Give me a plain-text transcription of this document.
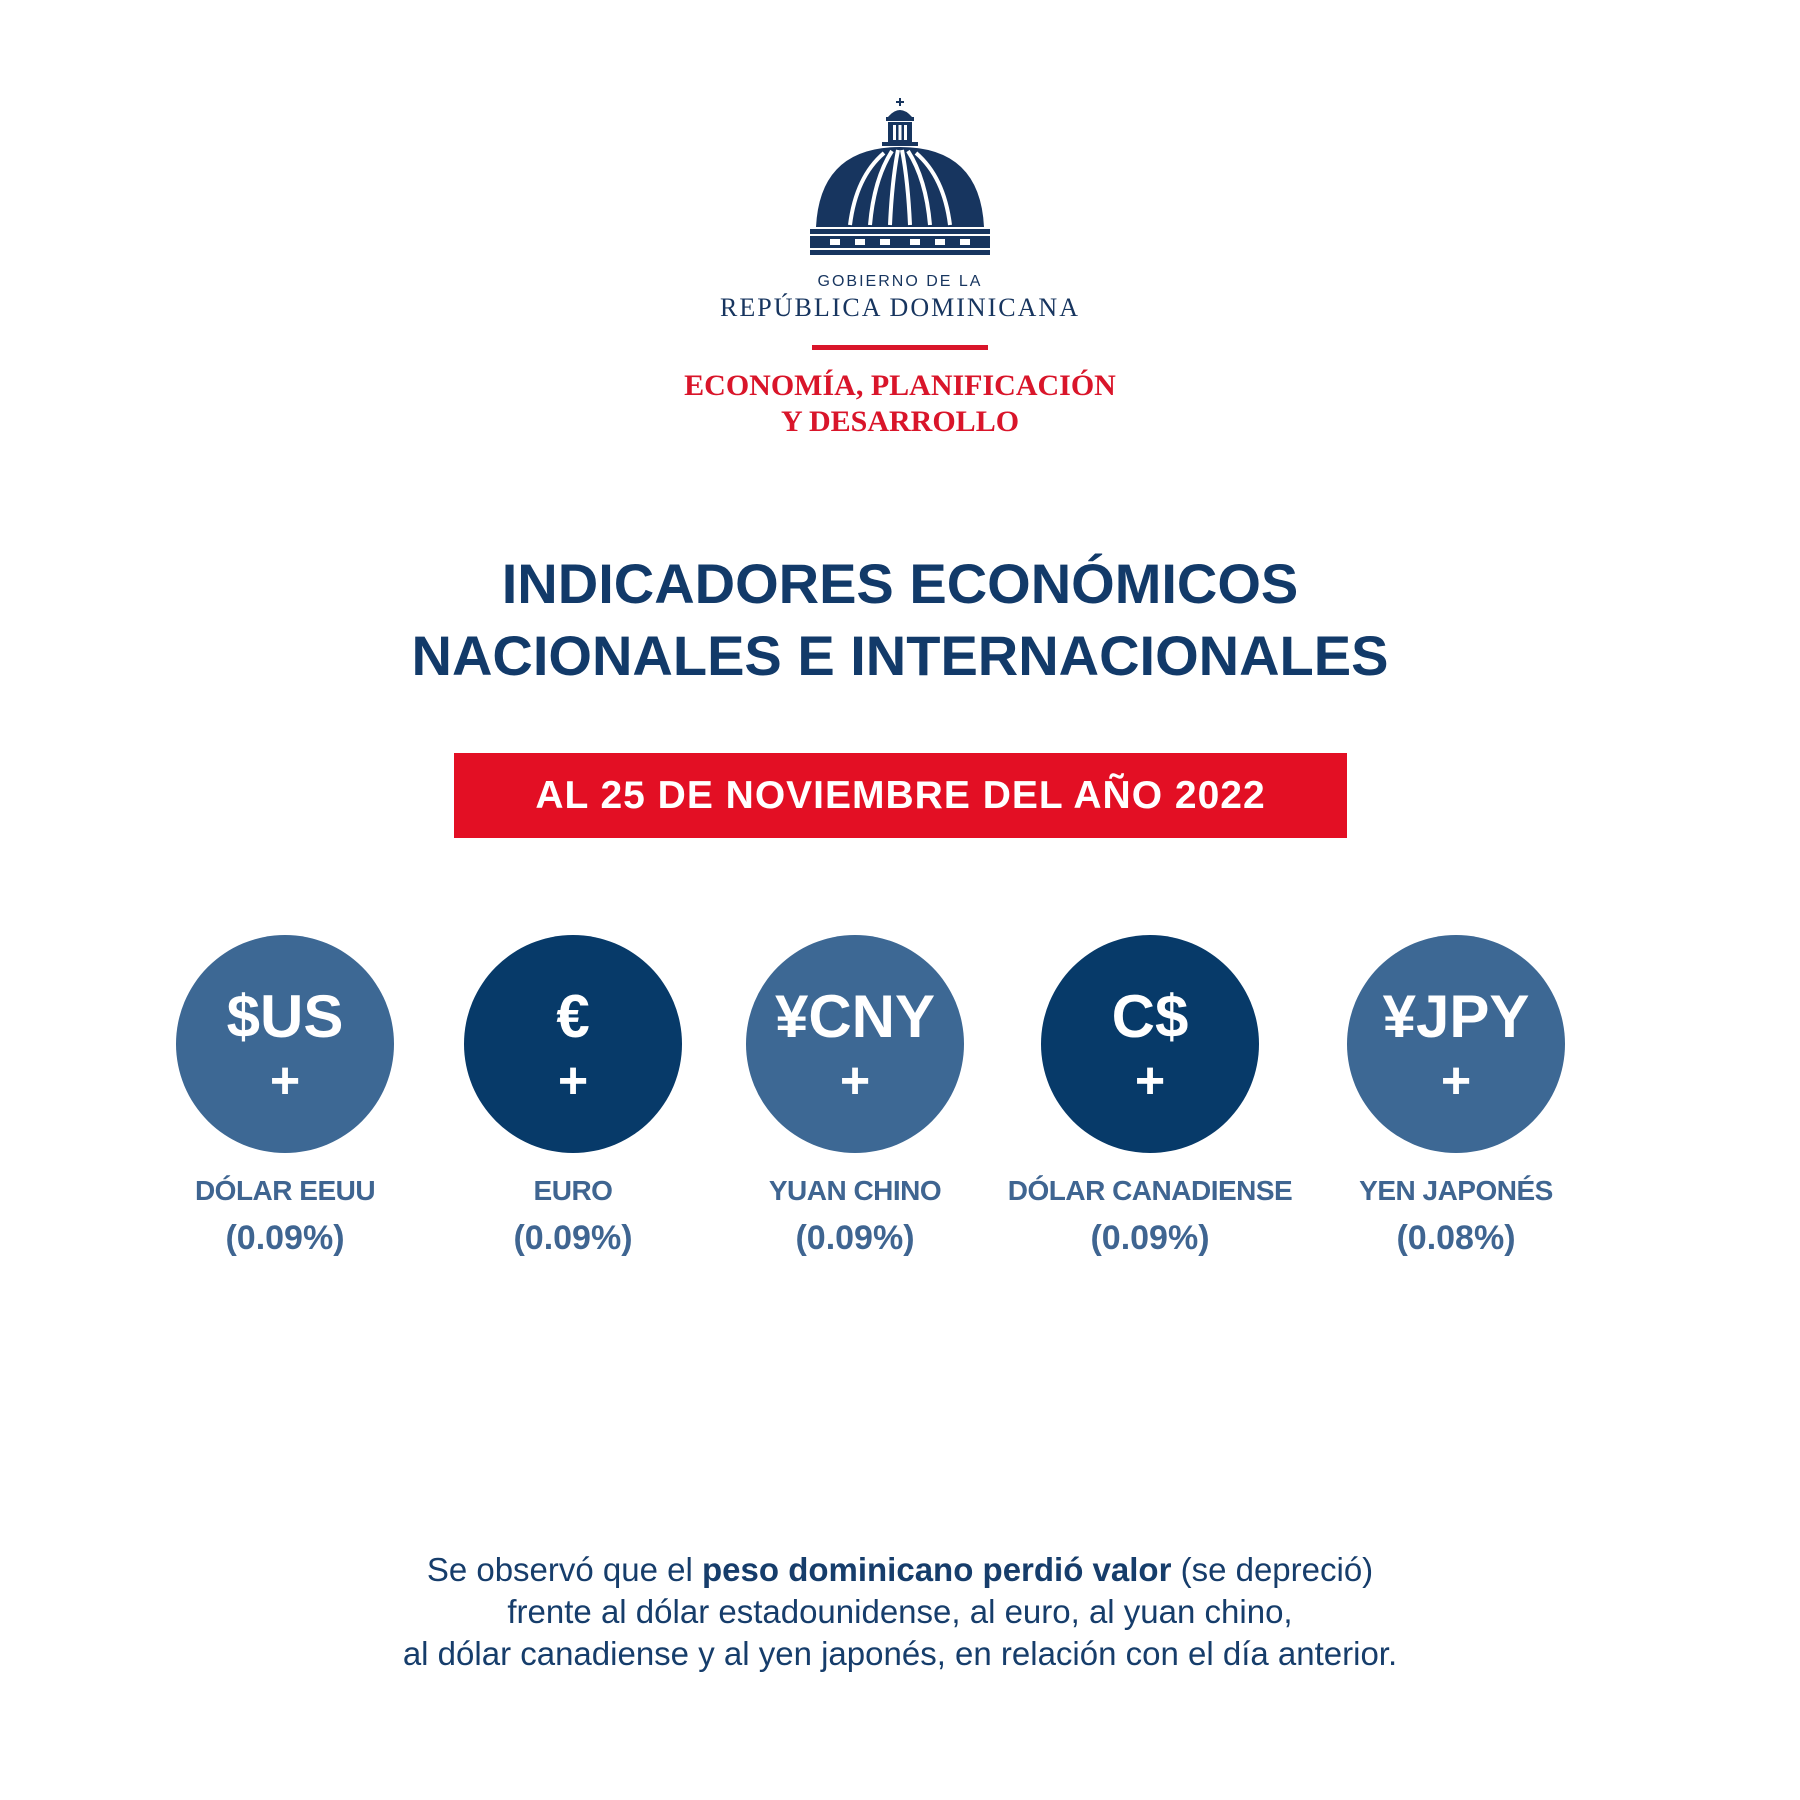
GOBIERNO DE LA
REPÚBLICA DOMINICANA
ECONOMÍA, PLANIFICACIÓN
Y DESARROLLO
INDICADORES ECONÓMICOS
NACIONALES E INTERNACIONALES
AL 25 DE NOVIEMBRE DEL AÑO 2022
$US
+
DÓLAR EEUU
(0.09%)
€
+
EURO
(0.09%)
¥CNY
+
YUAN CHINO
(0.09%)
C$
+
DÓLAR CANADIENSE
(0.09%)
¥JPY
+
YEN JAPONÉS
(0.08%)
Se observó que el peso dominicano perdió valor (se depreció)
frente al dólar estadounidense, al euro, al yuan chino,
al dólar canadiense y al yen japonés, en relación con el día anterior.
